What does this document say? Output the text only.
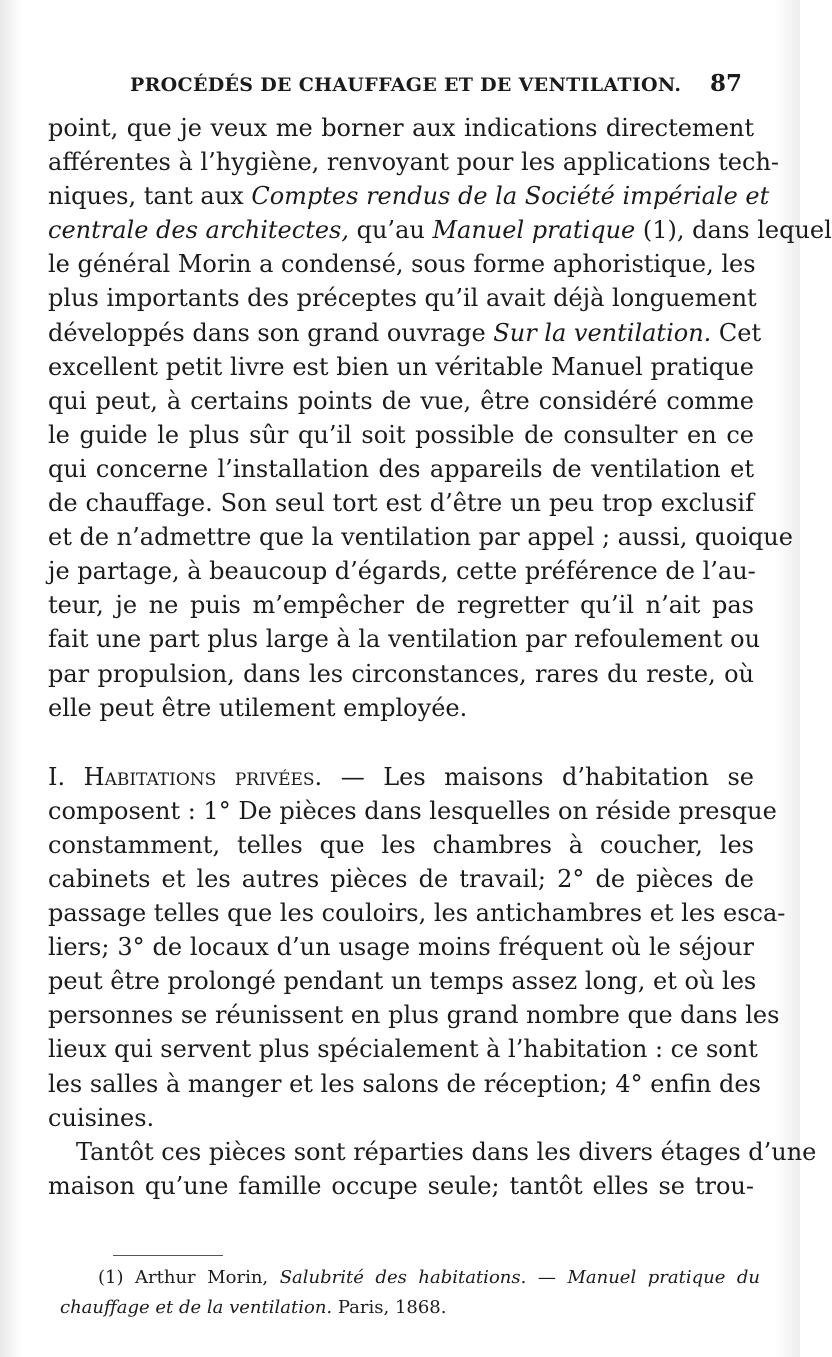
PROCÉDÉS DE CHAUFFAGE ET DE VENTILATION. 87
point, que je veux me borner aux indications directement
afférentes à l’hygiène, renvoyant pour les applications tech-
niques, tant aux Comptes rendus de la Société impériale et
centrale des architectes, qu’au Manuel pratique (1), dans lequel
le général Morin a condensé, sous forme aphoristique, les
plus importants des préceptes qu’il avait déjà longuement
développés dans son grand ouvrage Sur la ventilation. Cet
excellent petit livre est bien un véritable Manuel pratique
qui peut, à certains points de vue, être considéré comme
le guide le plus sûr qu’il soit possible de consulter en ce
qui concerne l’installation des appareils de ventilation et
de chauffage. Son seul tort est d’être un peu trop exclusif
et de n’admettre que la ventilation par appel ; aussi, quoique
je partage, à beaucoup d’égards, cette préférence de l’au-
teur, je ne puis m’empêcher de regretter qu’il n’ait pas
fait une part plus large à la ventilation par refoulement ou
par propulsion, dans les circonstances, rares du reste, où
elle peut être utilement employée.
I. Habitations privées. — Les maisons d’habitation se
composent : 1° De pièces dans lesquelles on réside presque
constamment, telles que les chambres à coucher, les
cabinets et les autres pièces de travail; 2° de pièces de
passage telles que les couloirs, les antichambres et les esca-
liers; 3° de locaux d’un usage moins fréquent où le séjour
peut être prolongé pendant un temps assez long, et où les
personnes se réunissent en plus grand nombre que dans les
lieux qui servent plus spécialement à l’habitation : ce sont
les salles à manger et les salons de réception; 4° enfin des
cuisines.
Tantôt ces pièces sont réparties dans les divers étages d’une
maison qu’une famille occupe seule; tantôt elles se trou-
(1) Arthur Morin, Salubrité des habitations. — Manuel pratique du
chauffage et de la ventilation. Paris, 1868.
